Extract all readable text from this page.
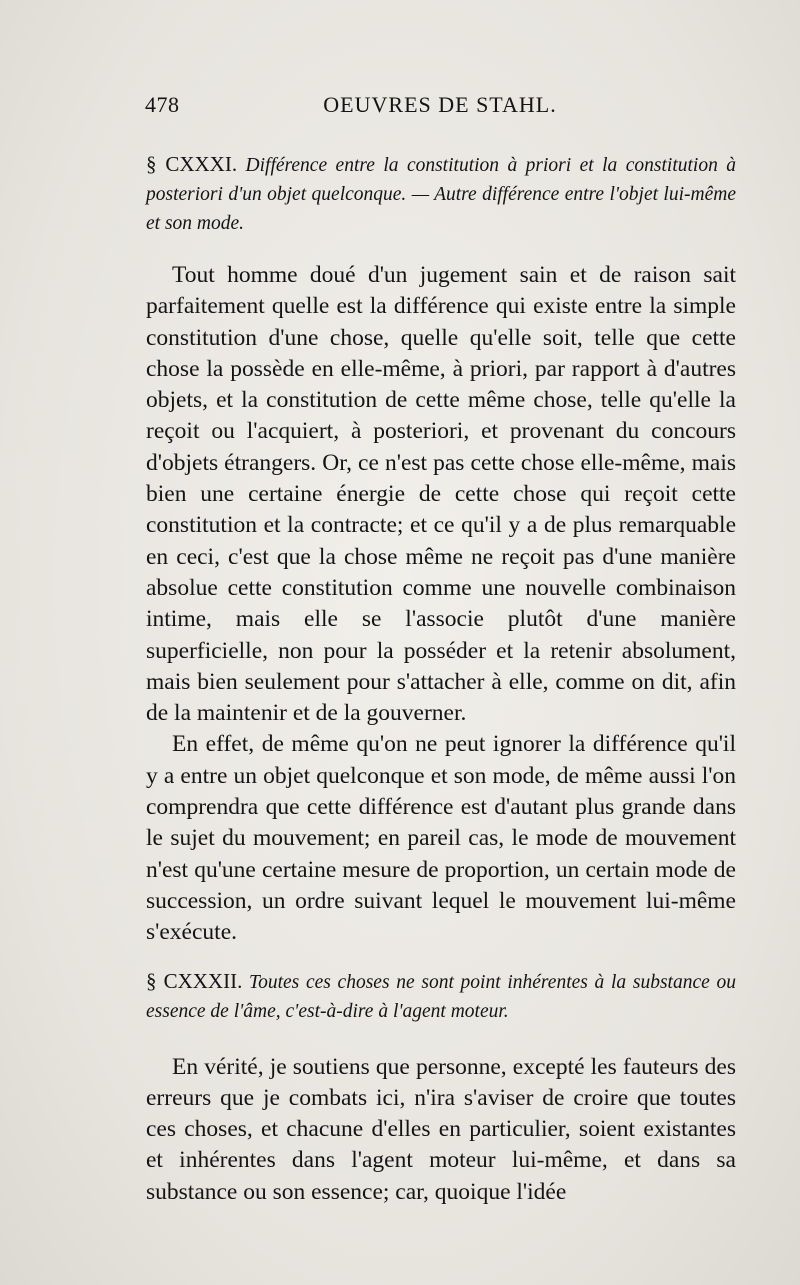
478	OEUVRES DE STAHL.

§ CXXXI. Différence entre la constitution à priori et la constitution à posteriori d'un objet quelconque. — Autre différence entre l'objet lui-même et son mode.

Tout homme doué d'un jugement sain et de raison sait parfaitement quelle est la différence qui existe entre la simple constitution d'une chose, quelle qu'elle soit, telle que cette chose la possède en elle-même, à priori, par rapport à d'autres objets, et la constitution de cette même chose, telle qu'elle la reçoit ou l'acquiert, à posteriori, et provenant du concours d'objets étrangers. Or, ce n'est pas cette chose elle-même, mais bien une certaine énergie de cette chose qui reçoit cette constitution et la contracte; et ce qu'il y a de plus remarquable en ceci, c'est que la chose même ne reçoit pas d'une manière absolue cette constitution comme une nouvelle combinaison intime, mais elle se l'associe plutôt d'une manière superficielle, non pour la posséder et la retenir absolument, mais bien seulement pour s'attacher à elle, comme on dit, afin de la maintenir et de la gouverner.

En effet, de même qu'on ne peut ignorer la différence qu'il y a entre un objet quelconque et son mode, de même aussi l'on comprendra que cette différence est d'autant plus grande dans le sujet du mouvement; en pareil cas, le mode de mouvement n'est qu'une certaine mesure de proportion, un certain mode de succession, un ordre suivant lequel le mouvement lui-même s'exécute.

§ CXXXII. Toutes ces choses ne sont point inhérentes à la substance ou essence de l'âme, c'est-à-dire à l'agent moteur.

En vérité, je soutiens que personne, excepté les fauteurs des erreurs que je combats ici, n'ira s'aviser de croire que toutes ces choses, et chacune d'elles en particulier, soient existantes et inhérentes dans l'agent moteur lui-même, et dans sa substance ou son essence; car, quoique l'idée
